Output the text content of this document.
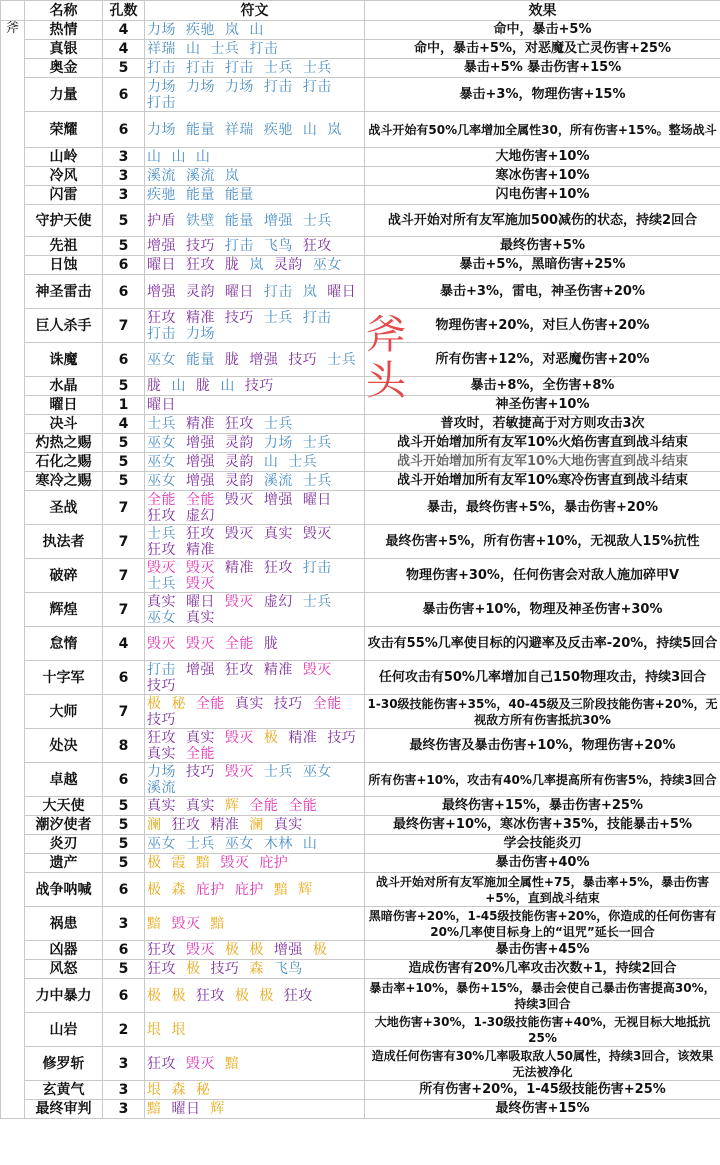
	名称	孔数	符文	效果
斧	热情	4	力场 疾驰 岚 山	命中，暴击+5%
	真银	4	祥瑞 山 士兵 打击	命中，暴击+5%，对恶魔及亡灵伤害+25%
	奥金	5	打击 打击 打击 士兵 士兵	暴击+5% 暴击伤害+15%
	力量	6	力场 力场 力场 打击 打击 打击	暴击+3%，物理伤害+15%
	荣耀	6	力场 能量 祥瑞 疾驰 山 岚	战斗开始有50%几率增加全属性30，所有伤害+15%。整场战斗
	山岭	3	山 山 山	大地伤害+10%
	冷风	3	溪流 溪流 岚	寒冰伤害+10%
	闪雷	3	疾驰 能量 能量	闪电伤害+10%
	守护天使	5	护盾 铁壁 能量 增强 士兵	战斗开始对所有友军施加500减伤的状态，持续2回合
	先祖	5	增强 技巧 打击 飞鸟 狂攻	最终伤害+5%
	日蚀	6	曜日 狂攻 胧 岚 灵韵 巫女	暴击+5%，黑暗伤害+25%
	神圣雷击	6	增强 灵韵 曜日 打击 岚 曜日	暴击+3%，雷电，神圣伤害+20%
	巨人杀手	7	狂攻 精准 技巧 士兵 打击 打击 力场	物理伤害+20%，对巨人伤害+20%
	诛魔	6	巫女 能量 胧 增强 技巧 士兵	所有伤害+12%，对恶魔伤害+20%
	水晶	5	胧 山 胧 山 技巧	暴击+8%，全伤害+8%
	曜日	1	曜日	神圣伤害+10%
	决斗	4	士兵 精准 狂攻 士兵	普攻时，若敏捷高于对方则攻击3次
	灼热之赐	5	巫女 增强 灵韵 力场 士兵	战斗开始增加所有友军10%火焰伤害直到战斗结束
	石化之赐	5	巫女 增强 灵韵 山 士兵	战斗开始增加所有友军10%大地伤害直到战斗结束
	寒冷之赐	5	巫女 增强 灵韵 溪流 士兵	战斗开始增加所有友军10%寒冷伤害直到战斗结束
	圣战	7	全能 全能 毁灭 增强 曜日 狂攻 虚幻	暴击，最终伤害+5%，暴击伤害+20%
	执法者	7	士兵 狂攻 毁灭 真实 毁灭 狂攻 精准	最终伤害+5%，所有伤害+10%，无视敌人15%抗性
	破碎	7	毁灭 毁灭 精准 狂攻 打击 士兵 毁灭	物理伤害+30%，任何伤害会对敌人施加碎甲V
	辉煌	7	真实 曜日 毁灭 虚幻 士兵 巫女 真实	暴击伤害+10%，物理及神圣伤害+30%
	怠惰	4	毁灭 毁灭 全能 胧	攻击有55%几率使目标的闪避率及反击率-20%，持续5回合
	十字军	6	打击 增强 狂攻 精准 毁灭 技巧	任何攻击有50%几率增加自己150物理攻击，持续3回合
	大师	7	极 秘 全能 真实 技巧 全能 技巧	1-30级技能伤害+35%，40-45级及三阶段技能伤害+20%，无视敌方所有伤害抵抗30%
	处决	8	狂攻 真实 毁灭 极 精准 技巧 真实 全能	最终伤害及暴击伤害+10%，物理伤害+20%
	卓越	6	力场 技巧 毁灭 士兵 巫女 溪流	所有伤害+10%，攻击有40%几率提高所有伤害5%，持续3回合
	大天使	5	真实 真实 辉 全能 全能	最终伤害+15%，暴击伤害+25%
	潮汐使者	5	澜 狂攻 精准 澜 真实	最终伤害+10%，寒冰伤害+35%，技能暴击+5%
	炎刃	5	巫女 士兵 巫女 木林 山	学会技能炎刃
	遗产	5	极 霞 黯 毁灭 庇护	暴击伤害+40%
	战争呐喊	6	极 森 庇护 庇护 黯 辉	战斗开始对所有友军施加全属性+75，暴击率+5%，暴击伤害+5%，直到战斗结束
	祸患	3	黯 毁灭 黯	黑暗伤害+20%，1-45级技能伤害+20%，你造成的任何伤害有20%几率使目标身上的“诅咒”延长一回合
	凶器	6	狂攻 毁灭 极 极 增强 极	暴击伤害+45%
	风怒	5	狂攻 极 技巧 森 飞鸟	造成伤害有20%几率攻击次数+1，持续2回合
	力中暴力	6	极 极 狂攻 极 极 狂攻	暴击率+10%，暴伤+15%，暴击会使自己暴击伤害提高30%，持续3回合
	山岩	2	垠 垠	大地伤害+30%，1-30级技能伤害+40%，无视目标大地抵抗25%
	修罗斩	3	狂攻 毁灭 黯	造成任何伤害有30%几率吸取敌人50属性，持续3回合，该效果无法被净化
	玄黄气	3	垠 森 秘	所有伤害+20%，1-45级技能伤害+25%
	最终审判	3	黯 曜日 辉	最终伤害+15%
斧
头
